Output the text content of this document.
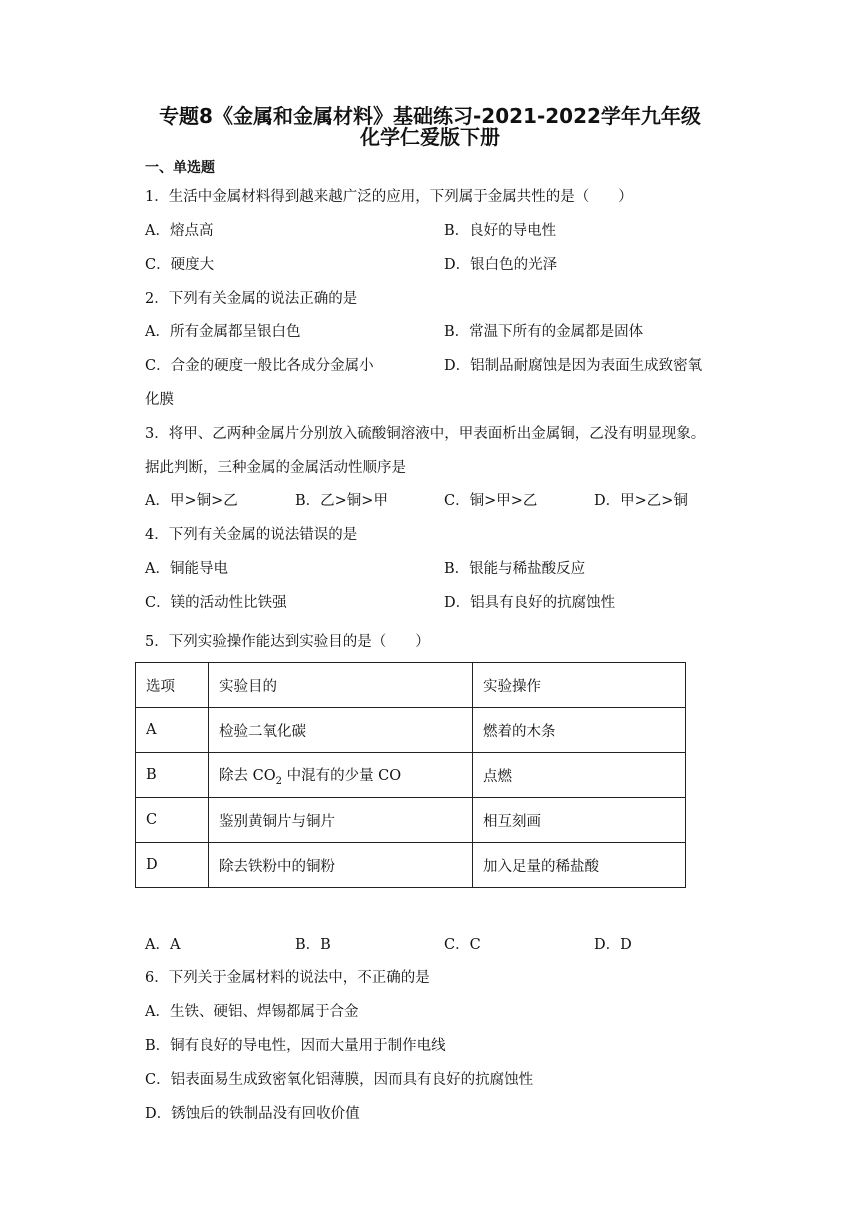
专题8《金属和金属材料》基础练习-2021-2022学年九年级
化学仁爱版下册
一、单选题
1．生活中金属材料得到越来越广泛的应用，下列属于金属共性的是（　　）
A．熔点高	B．良好的导电性
C．硬度大	D．银白色的光泽
2．下列有关金属的说法正确的是
A．所有金属都呈银白色	B．常温下所有的金属都是固体
C．合金的硬度一般比各成分金属小	D．铝制品耐腐蚀是因为表面生成致密氧
化膜
3．将甲、乙两种金属片分别放入硫酸铜溶液中，甲表面析出金属铜，乙没有明显现象。
据此判断，三种金属的金属活动性顺序是
A．甲>铜>乙	B．乙>铜>甲	C．铜>甲>乙	D．甲>乙>铜
4．下列有关金属的说法错误的是
A．铜能导电	B．银能与稀盐酸反应
C．镁的活动性比铁强	D．铝具有良好的抗腐蚀性
5．下列实验操作能达到实验目的是（　　）
选项	实验目的	实验操作
A	检验二氧化碳	燃着的木条
B	除去 $CO_2$ 中混有的少量 CO	点燃
C	鉴别黄铜片与铜片	相互刻画
D	除去铁粉中的铜粉	加入足量的稀盐酸
A．A	B．B	C．C	D．D
6．下列关于金属材料的说法中，不正确的是
A．生铁、硬铝、焊锡都属于合金
B．铜有良好的导电性，因而大量用于制作电线
C．铝表面易生成致密氧化铝薄膜，因而具有良好的抗腐蚀性
D．锈蚀后的铁制品没有回收价值
